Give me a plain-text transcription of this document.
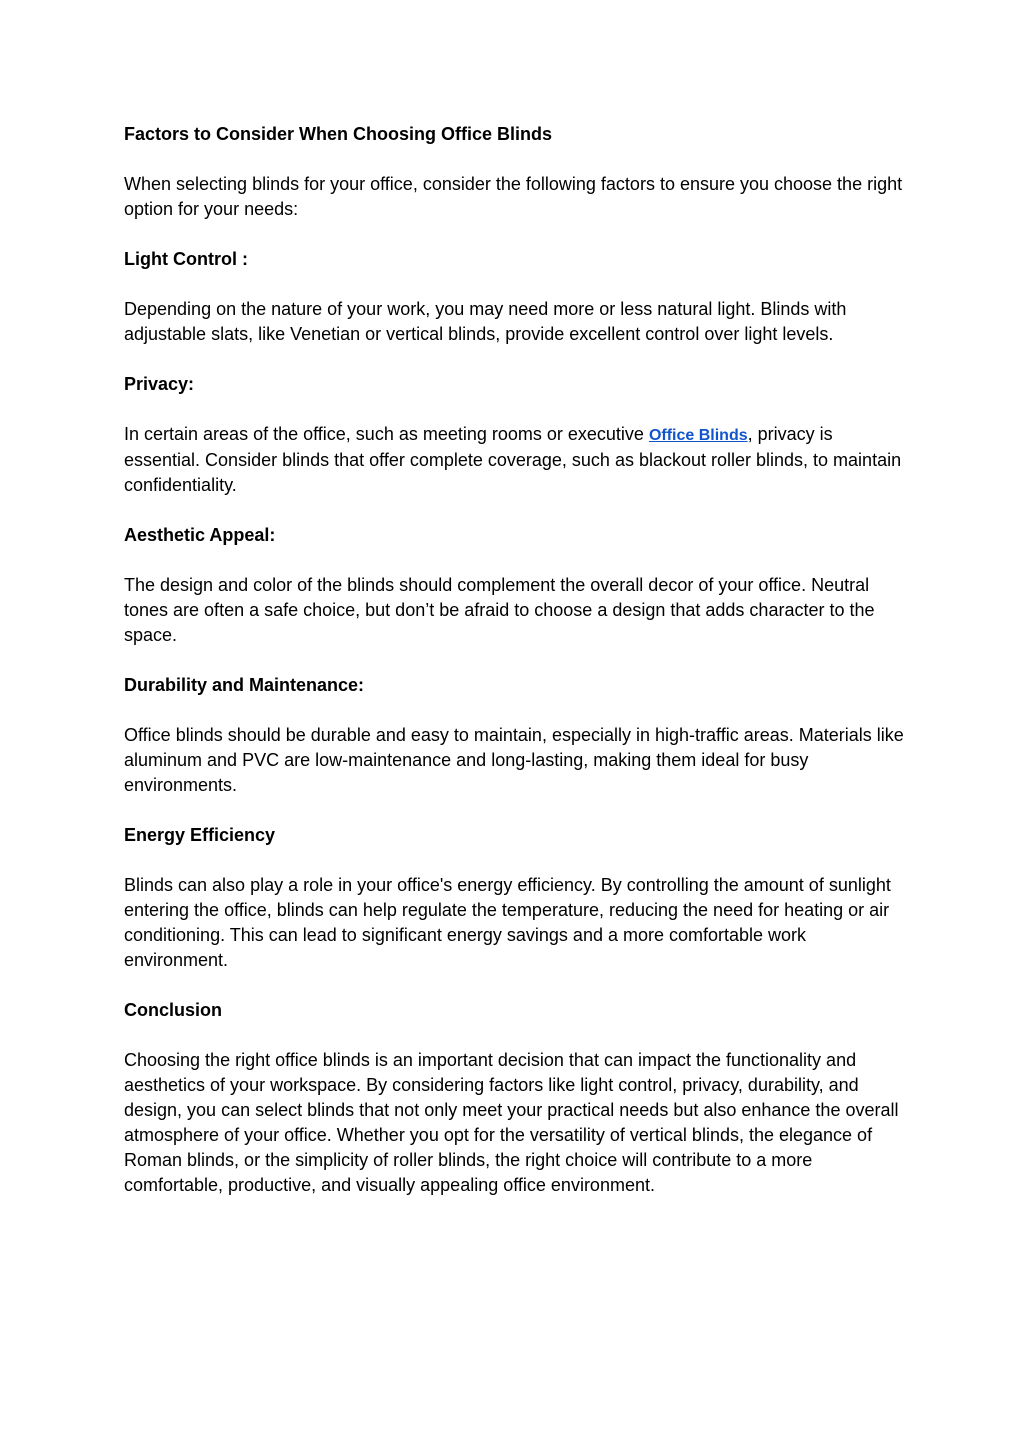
Factors to Consider When Choosing Office Blinds

When selecting blinds for your office, consider the following factors to ensure you choose the right option for your needs:

Light Control :

Depending on the nature of your work, you may need more or less natural light. Blinds with adjustable slats, like Venetian or vertical blinds, provide excellent control over light levels.

Privacy:

In certain areas of the office, such as meeting rooms or executive Office Blinds, privacy is essential. Consider blinds that offer complete coverage, such as blackout roller blinds, to maintain confidentiality.

Aesthetic Appeal:

The design and color of the blinds should complement the overall decor of your office. Neutral tones are often a safe choice, but don’t be afraid to choose a design that adds character to the space.

Durability and Maintenance:

Office blinds should be durable and easy to maintain, especially in high-traffic areas. Materials like aluminum and PVC are low-maintenance and long-lasting, making them ideal for busy environments.

Energy Efficiency

Blinds can also play a role in your office's energy efficiency. By controlling the amount of sunlight entering the office, blinds can help regulate the temperature, reducing the need for heating or air conditioning. This can lead to significant energy savings and a more comfortable work environment.

Conclusion

Choosing the right office blinds is an important decision that can impact the functionality and aesthetics of your workspace. By considering factors like light control, privacy, durability, and design, you can select blinds that not only meet your practical needs but also enhance the overall atmosphere of your office. Whether you opt for the versatility of vertical blinds, the elegance of Roman blinds, or the simplicity of roller blinds, the right choice will contribute to a more comfortable, productive, and visually appealing office environment.
